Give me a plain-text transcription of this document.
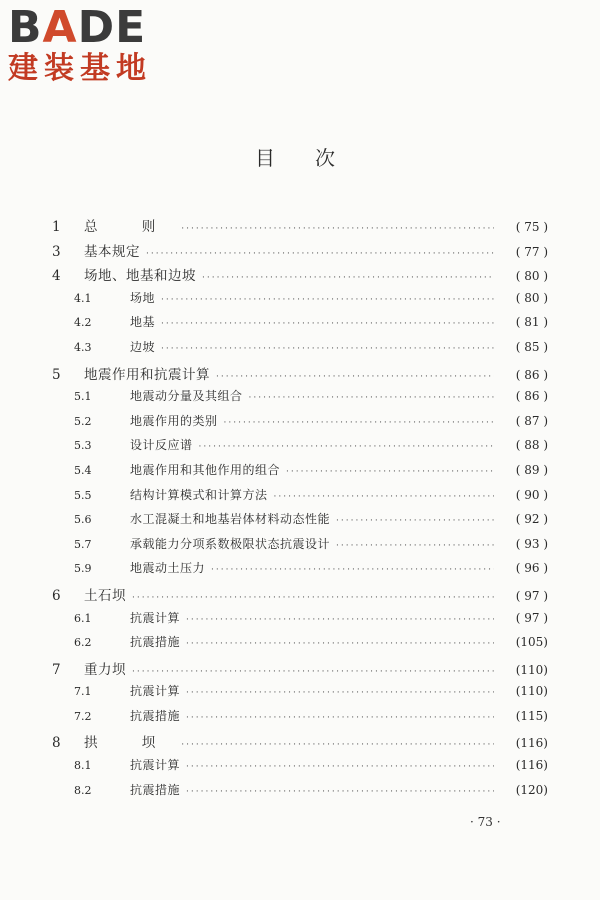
BADE
建装基地
目次
1	总 则 ·····	( 75 )
3	基本规定 ·····	( 77 )
4	场地、地基和边坡 ·····	( 80 )
4.1	场地 ·····	( 80 )
4.2	地基 ·····	( 81 )
4.3	边坡 ·····	( 85 )
5	地震作用和抗震计算 ·····	( 86 )
5.1	地震动分量及其组合 ·····	( 86 )
5.2	地震作用的类别 ·····	( 87 )
5.3	设计反应谱 ·····	( 88 )
5.4	地震作用和其他作用的组合 ·····	( 89 )
5.5	结构计算模式和计算方法 ·····	( 90 )
5.6	水工混凝土和地基岩体材料动态性能 ·····	( 92 )
5.7	承载能力分项系数极限状态抗震设计 ·····	( 93 )
5.9	地震动土压力 ·····	( 96 )
6	土石坝 ·····	( 97 )
6.1	抗震计算 ·····	( 97 )
6.2	抗震措施 ·····	(105)
7	重力坝 ·····	(110)
7.1	抗震计算 ·····	(110)
7.2	抗震措施 ·····	(115)
8	拱 坝 ·····	(116)
8.1	抗震计算 ·····	(116)
8.2	抗震措施 ·····	(120)
· 73 ·
